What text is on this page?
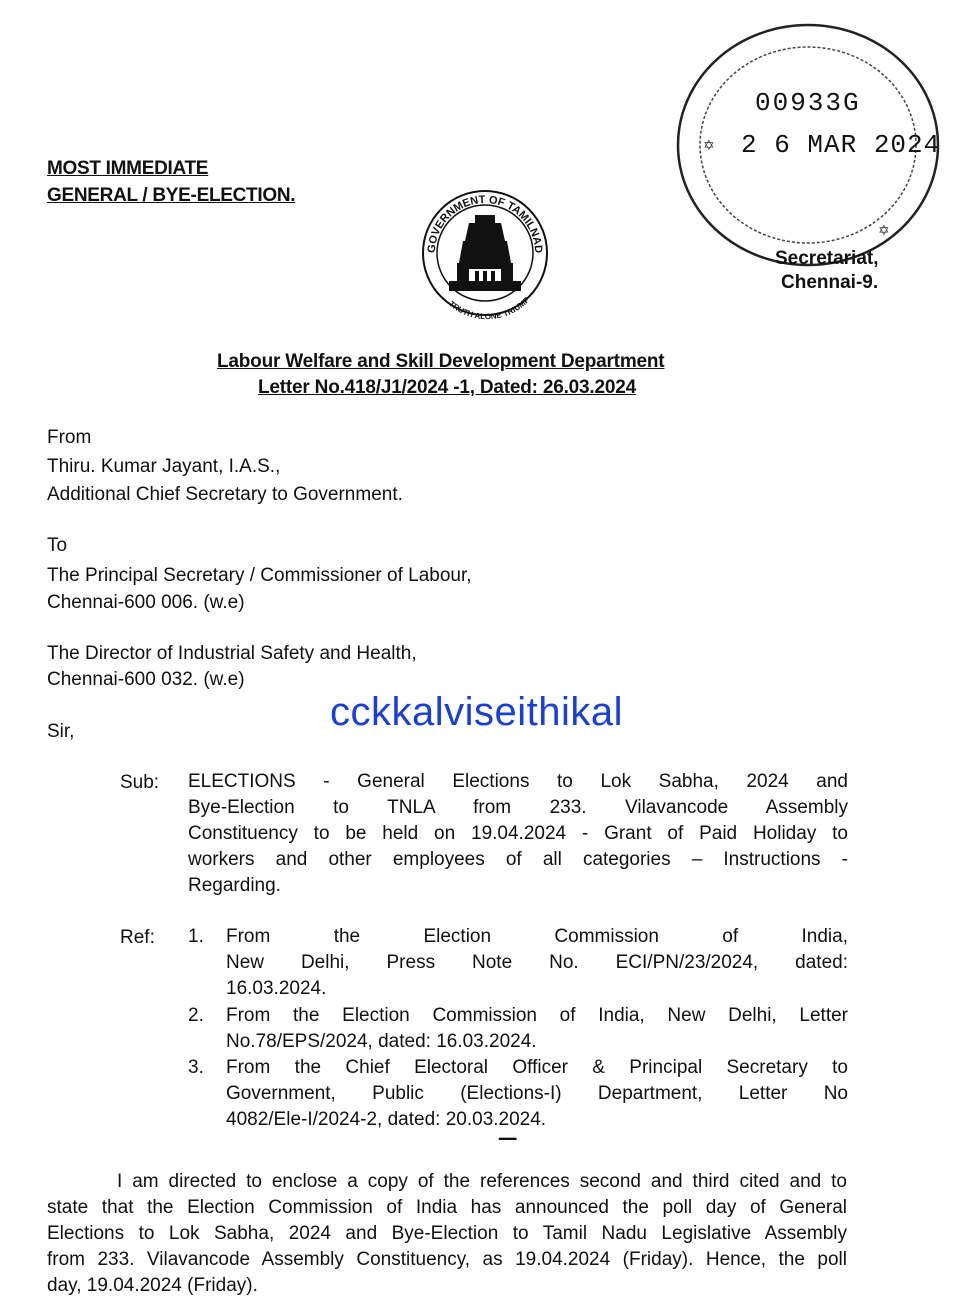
MOST IMMEDIATE
GENERAL / BYE-ELECTION.
GOVERNMENT OF TAMILNAD
TRUTH ALONE TRIUMP
✡
✡
00933G
2 6 MAR 2024
Secretariat,
Chennai-9.
Labour Welfare and Skill Development Department
Letter No.418/J1/2024 -1, Dated: 26.03.2024
From
Thiru. Kumar Jayant, I.A.S.,
Additional Chief Secretary to Government.
To
The Principal Secretary / Commissioner of Labour,
Chennai-600 006. (w.e)
The Director of Industrial Safety and Health,
Chennai-600 032. (w.e)
Sir,	cckkalviseithikal
Sub: ELECTIONS - General Elections to Lok Sabha, 2024 and
Bye-Election to TNLA from 233. Vilavancode Assembly
Constituency to be held on 19.04.2024 - Grant of Paid Holiday to
workers and other employees of all categories – Instructions -
Regarding.
Ref: 1. From the Election Commission of India,
New Delhi, Press Note No. ECI/PN/23/2024, dated:
16.03.2024.
2. From the Election Commission of India, New Delhi, Letter
No.78/EPS/2024, dated: 16.03.2024.
3. From the Chief Electoral Officer & Principal Secretary to
Government, Public (Elections-I) Department, Letter No
4082/Ele-I/2024-2, dated: 20.03.2024.
----
I am directed to enclose a copy of the references second and third cited and to
state that the Election Commission of India has announced the poll day of General
Elections to Lok Sabha, 2024 and Bye-Election to Tamil Nadu Legislative Assembly
from 233. Vilavancode Assembly Constituency, as 19.04.2024 (Friday). Hence, the poll
day, 19.04.2024 (Friday).
